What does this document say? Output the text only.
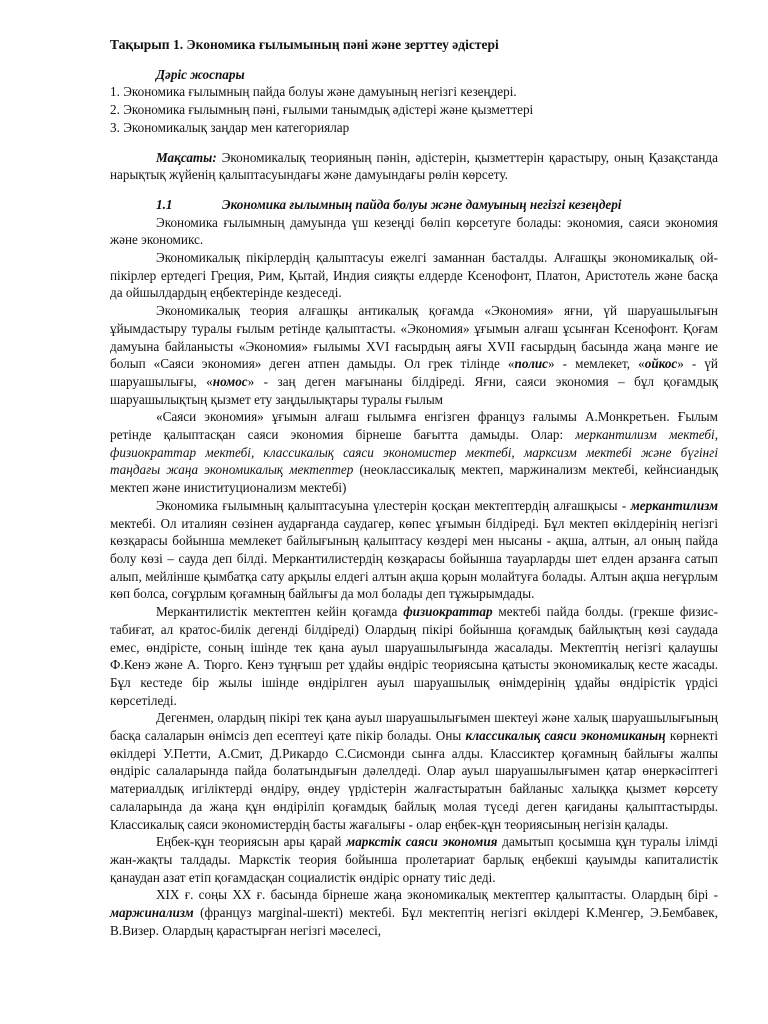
Тақырып 1. Экономика ғылымының пәні және зерттеу әдістері

Дәріс жоспары

1. Экономика ғылымның пайда болуы және дамуының негізгі кезеңдері.

2. Экономика ғылымның пәні, ғылыми танымдық әдістері және қызметтері

3. Экономикалық заңдар мен категориялар

Мақсаты: Экономикалық теорияның пәнін, әдістерін, қызметтерін қарастыру, оның Қазақстанда нарықтық жүйенің қалыптасуындағы және дамуындағы рөлін көрсету.

1.1	Экономика ғылымның пайда болуы және дамуының негізгі кезеңдері

Экономика ғылымның дамуында үш кезеңді бөліп көрсетуге болады: экономия, саяси экономия және экономикс.

Экономикалық пікірлердің қалыптасуы ежелгі заманнан басталды. Алғашқы экономикалық ой-пікірлер ертедегі Греция, Рим, Қытай, Индия сияқты елдерде Ксенофонт, Платон, Аристотель және басқа да ойшылдардың еңбектерінде кездеседі.

Экономикалық теория алғашқы антикалық қоғамда «Экономия» яғни, үй шаруашылығын ұйымдастыру туралы ғылым ретінде қалыптасты. «Экономия» ұғымын алғаш ұсынған Ксенофонт. Қоғам дамуына байланысты «Экономия» ғылымы XVI ғасырдың аяғы XVII ғасырдың басында жаңа мәнге ие болып «Саяси экономия» деген атпен дамыды. Ол грек тілінде «полис» - мемлекет, «ойкос» - үй шаруашылығы, «номос» - заң деген мағынаны білдіреді. Яғни, саяси экономия – бұл қоғамдық шаруашылықтың қызмет ету заңдылықтары туралы ғылым

«Саяси экономия» ұғымын алғаш ғылымға енгізген француз ғалымы А.Монкретьен. Ғылым ретінде қалыптасқан саяси экономия бірнеше бағытта дамыды. Олар: меркантилизм мектебі, физиократтар мектебі, классикалық саяси экономистер мектебі, марксизм мектебі және бүгінгі таңдағы жаңа экономикалық мектептер (неоклассикалық мектеп, маржинализм мектебі, кейнсиандық мектеп және иниституционализм мектебі)

Экономика ғылымның қалыптасуына үлестерін қосқан мектептердің алғашқысы - меркантилизм мектебі. Ол италиян сөзінен аударғанда саудагер, көпес ұғымын білдіреді. Бұл мектеп өкілдерінің негізгі көзқарасы бойынша мемлекет байлығының қалыптасу көздері мен нысаны - ақша, алтын, ал оның пайда болу көзі – сауда деп білді. Меркантилистердің көзқарасы бойынша тауарларды шет елден арзанға сатып алып, мейлінше қымбатқа сату арқылы елдегі алтын ақша қорын молайтуға болады. Алтын ақша неғұрлым көп болса, соғұрлым қоғамның байлығы да мол болады деп тұжырымдады.

Меркантилистік мектептен кейін қоғамда физиократтар мектебі пайда болды. (грекше физис-табиғат, ал кратос-билік дегенді білдіреді) Олардың пікірі бойынша қоғамдық байлықтың көзі саудада емес, өндірісте, соның ішінде тек қана ауыл шаруашылығында жасалады. Мектептің негізгі қалаушы Ф.Кенэ және А. Тюрго. Кенэ тұңғыш рет ұдайы өндіріс теориясына қатысты экономикалық кесте жасады. Бұл кестеде бір жылы ішінде өндірілген ауыл шаруашылық өнімдерінің ұдайы өндірістік үрдісі көрсетіледі.

Дегенмен, олардың пікірі тек қана ауыл шаруашылығымен шектеуі және халық шаруашылығының басқа салаларын өнімсіз деп есептеуі қате пікір болады. Оны классикалық саяси экономиканың көрнекті өкілдері У.Петти, А.Смит, Д.Рикардо С.Сисмонди сынға алды. Классиктер қоғамның байлығы жалпы өндіріс салаларында пайда болатындығын дәлелдеді. Олар ауыл шаруашылығымен қатар өнеркәсіптегі материалдық игіліктерді өндіру, өндеу үрдістерін жалғастыратын байланыс халыққа қызмет көрсету салаларында да жаңа құн өндіріліп қоғамдық байлық молая түседі деген қағиданы қалыптастырды. Классикалық саяси экономистердің басты жағалығы - олар еңбек-құн теориясының негізін қалады.

Еңбек-құн теориясын ары қарай маркстік саяси экономия дамытып қосымша құн туралы ілімді жан-жақты талдады. Маркстік теория бойынша пролетариат барлық еңбекші қауымды капиталистік қанаудан азат етіп қоғамдасқан социалистік өндіріс орнату тиіс деді.

XIX ғ. соңы XX ғ. басында бірнеше жаңа экономикалық мектептер қалыптасты. Олардың бірі - маржинализм (француз маrginal-шекті) мектебі. Бұл мектептің негізгі өкілдері К.Менгер, Э.Бембавек, В.Визер. Олардың қарастырған негізгі мәселесі,
